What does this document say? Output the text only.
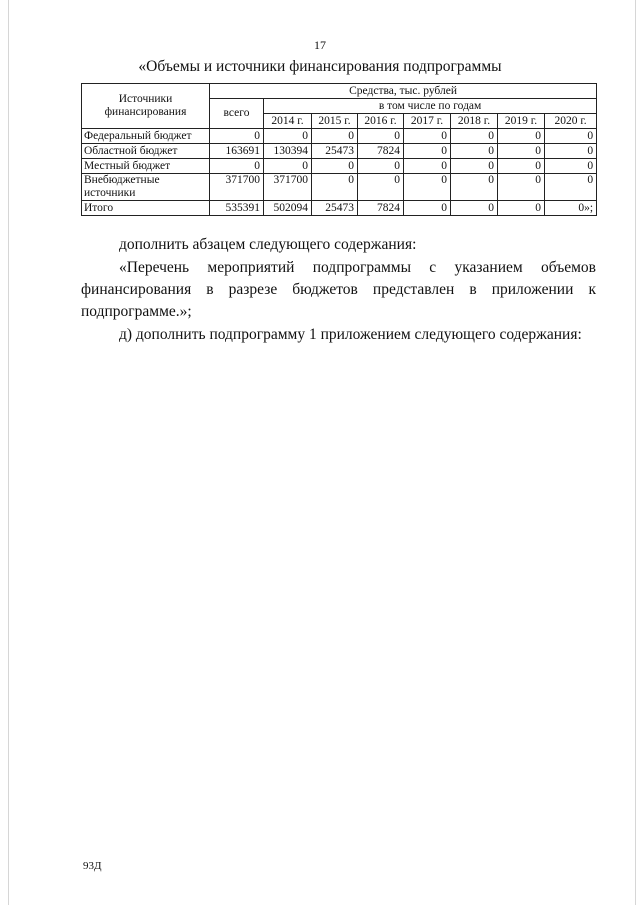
17
«Объемы и источники финансирования подпрограммы
Источники финансирования	Средства, тыс. рублей							
	всего	в том числе по годам						
		2014 г.	2015 г.	2016 г.	2017 г.	2018 г.	2019 г.	2020 г.
Федеральный бюджет	0	0	0	0	0	0	0	0
Областной бюджет	163691	130394	25473	7824	0	0	0	0
Местный бюджет	0	0	0	0	0	0	0	0
Внебюджетные источники	371700	371700	0	0	0	0	0	0
Итого	535391	502094	25473	7824	0	0	0	0»;
дополнить абзацем следующего содержания:
«Перечень мероприятий подпрограммы с указанием объемов финансирования в разрезе бюджетов представлен в приложении к подпрограмме.»;
д) дополнить подпрограмму 1 приложением следующего содержания:
93Д
